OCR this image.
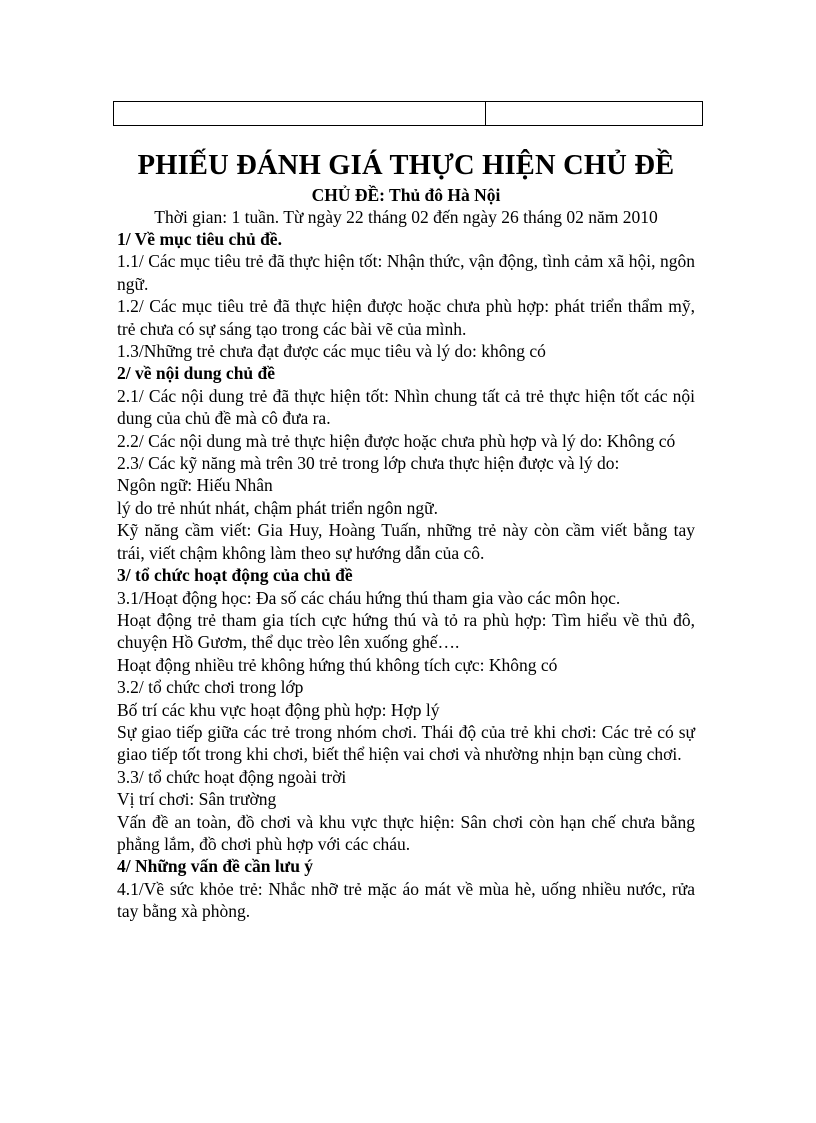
PHIẾU ĐÁNH GIÁ THỰC HIỆN CHỦ ĐỀ

CHỦ ĐỀ: Thủ đô Hà Nội

Thời gian: 1 tuần. Từ ngày 22 tháng 02 đến ngày 26 tháng 02 năm 2010

1/ Về mục tiêu chủ đề.

1.1/ Các mục tiêu trẻ đã thực hiện tốt: Nhận thức, vận động, tình cảm xã hội, ngôn ngữ.

1.2/ Các mục tiêu trẻ đã thực hiện được hoặc chưa phù hợp: phát triển thẩm mỹ, trẻ chưa có sự sáng tạo trong các bài vẽ của mình.

1.3/Những trẻ chưa đạt được các mục tiêu và lý do: không có

2/ về nội dung chủ đề

2.1/ Các nội dung trẻ đã thực hiện tốt: Nhìn chung tất cả trẻ thực hiện tốt các nội dung của chủ đề mà cô đưa ra.

2.2/ Các nội dung mà trẻ thực hiện được hoặc chưa phù hợp và lý do: Không có

2.3/ Các kỹ năng mà trên 30 trẻ trong lớp chưa thực hiện được và lý do:

Ngôn ngữ: Hiếu Nhân

lý do trẻ nhút nhát, chậm phát triển ngôn ngữ.

Kỹ năng cầm viết: Gia Huy, Hoàng Tuấn, những trẻ này còn cầm viết bằng tay trái, viết chậm không làm theo sự hướng dẫn của cô.

3/ tổ chức hoạt động của chủ đề

3.1/Hoạt động học: Đa số các cháu hứng thú tham gia vào các môn học.

Hoạt động trẻ tham gia tích cực hứng thú và tỏ ra phù hợp: Tìm hiểu về thủ đô, chuyện Hồ Gươm, thể dục trèo lên xuống ghế….

Hoạt động nhiều trẻ không hứng thú không tích cực: Không có

3.2/ tổ chức chơi trong lớp

Bố trí các khu vực hoạt động phù hợp: Hợp lý

Sự giao tiếp giữa các trẻ trong nhóm chơi. Thái độ của trẻ khi chơi: Các trẻ có sự giao tiếp tốt trong khi chơi, biết thể hiện vai chơi và nhường nhịn bạn cùng chơi.

3.3/ tổ chức hoạt động ngoài trời

Vị trí chơi: Sân trường

Vấn đề an toàn, đồ chơi và khu vực thực hiện: Sân chơi còn hạn chế chưa bằng phẳng lắm, đồ chơi phù hợp với các cháu.

4/ Những vấn đề cần lưu ý

4.1/Về sức khỏe trẻ: Nhắc nhỡ trẻ mặc áo mát về mùa hè, uống nhiều nước, rửa tay bằng xà phòng.
